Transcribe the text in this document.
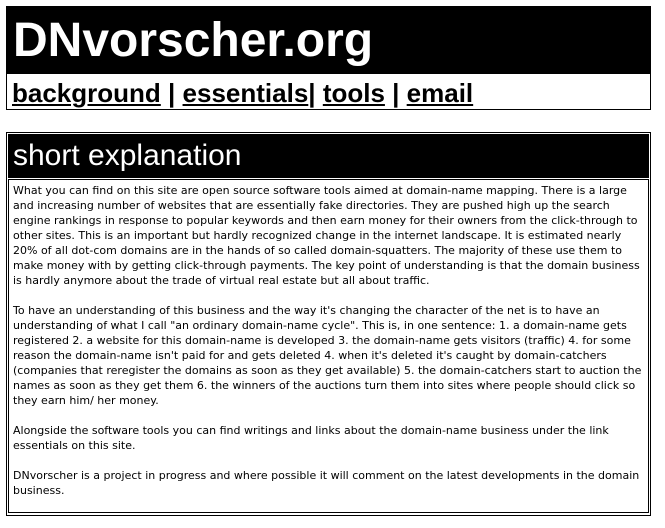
DNvorscher.org
background | essentials| tools | email
short explanation

What you can find on this site are open source software tools aimed at domain-name mapping. There is a large and increasing number of websites that are essentially fake directories. They are pushed high up the search engine rankings in response to popular keywords and then earn money for their owners from the click-through to other sites. This is an important but hardly recognized change in the internet landscape. It is estimated nearly 20% of all dot-com domains are in the hands of so called domain-squatters. The majority of these use them to make money with by getting click-through payments. The key point of understanding is that the domain business is hardly anymore about the trade of virtual real estate but all about traffic.

To have an understanding of this business and the way it's changing the character of the net is to have an understanding of what I call "an ordinary domain-name cycle". This is, in one sentence: 1. a domain-name gets registered 2. a website for this domain-name is developed 3. the domain-name gets visitors (traffic) 4. for some reason the domain-name isn't paid for and gets deleted 4. when it's deleted it's caught by domain-catchers (companies that reregister the domains as soon as they get available) 5. the domain-catchers start to auction the names as soon as they get them 6. the winners of the auctions turn them into sites where people should click so they earn him/ her money.

Alongside the software tools you can find writings and links about the domain-name business under the link essentials on this site.

DNvorscher is a project in progress and where possible it will comment on the latest developments in the domain business.
